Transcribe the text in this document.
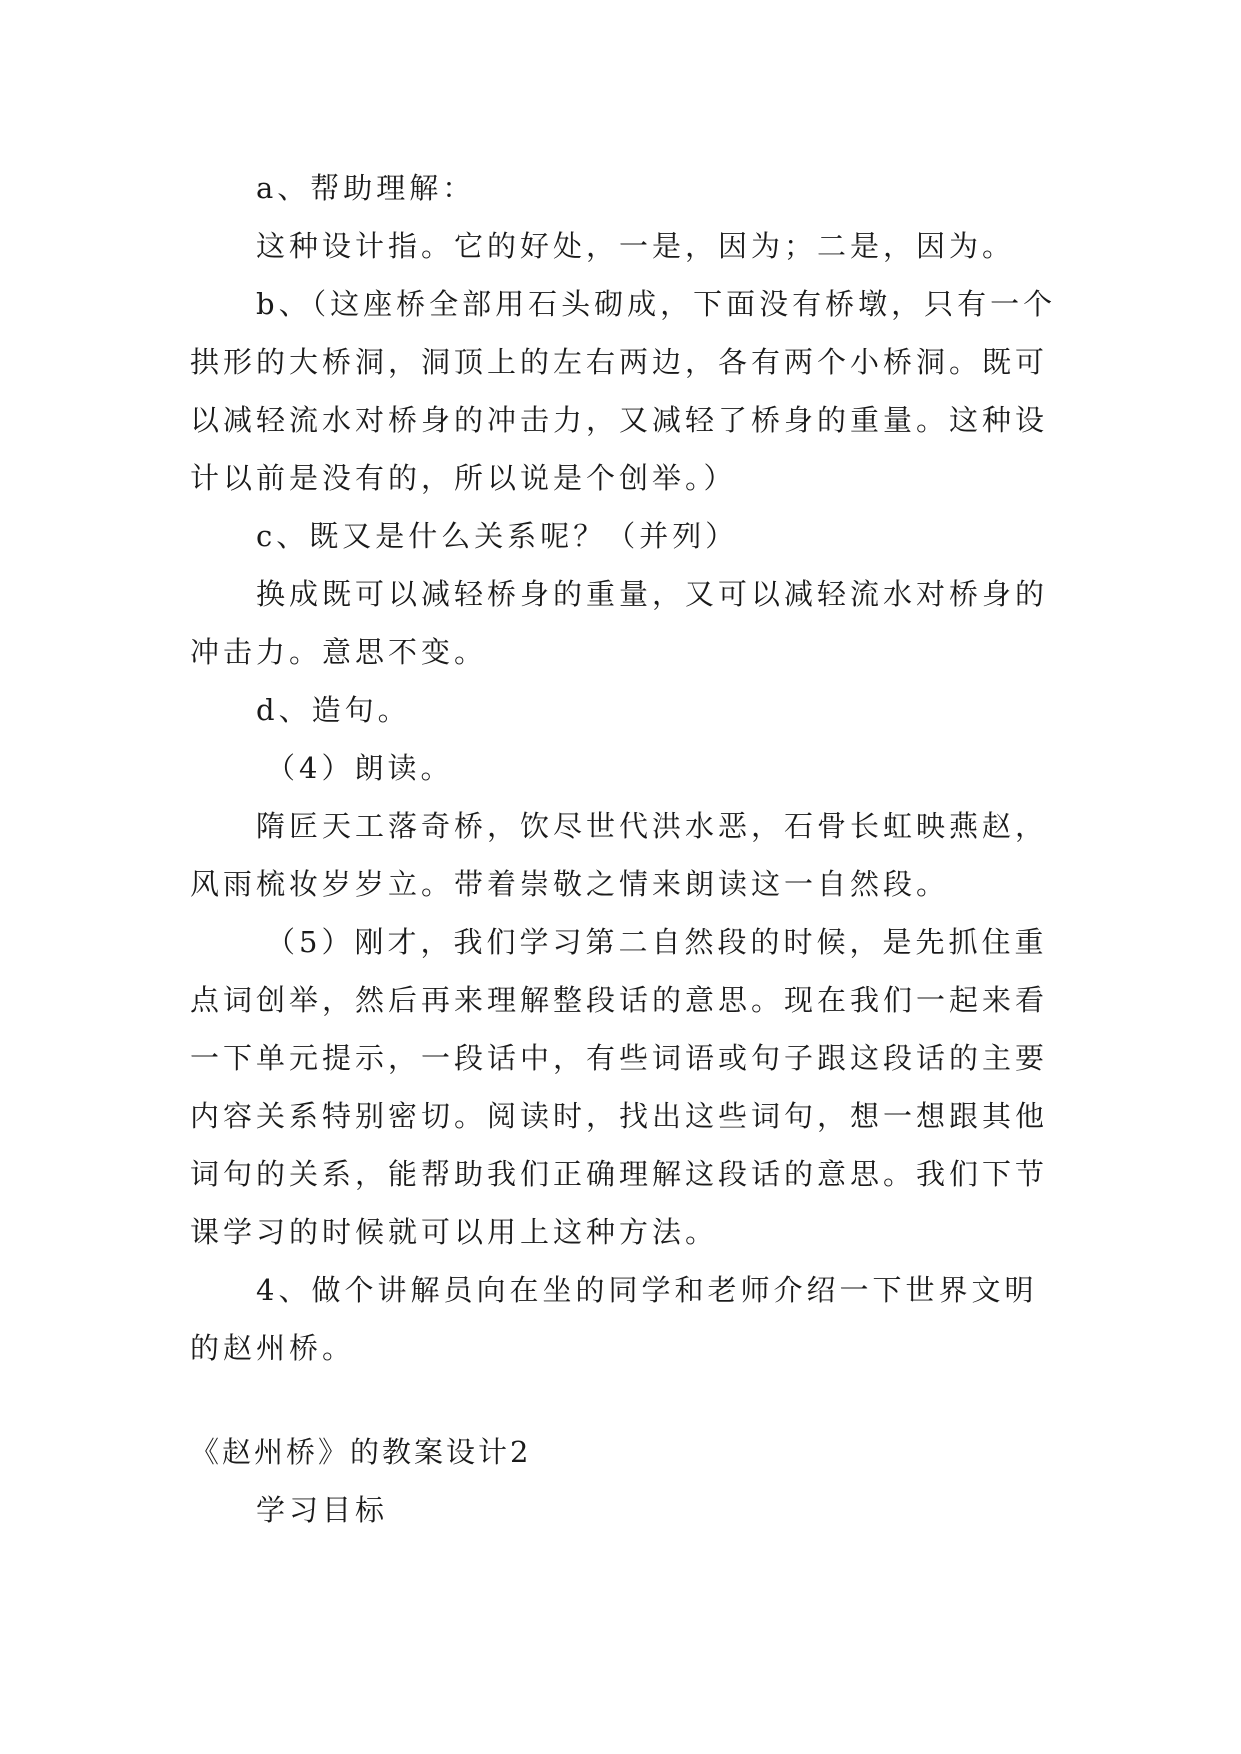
a、帮助理解：
这种设计指。它的好处，一是，因为；二是，因为。
b、（这座桥全部用石头砌成，下面没有桥墩，只有一个
拱形的大桥洞，洞顶上的左右两边，各有两个小桥洞。既可
以减轻流水对桥身的冲击力，又减轻了桥身的重量。这种设
计以前是没有的，所以说是个创举。）
c、既又是什么关系呢？（并列）
换成既可以减轻桥身的重量，又可以减轻流水对桥身的
冲击力。意思不变。
d、造句。
（4）朗读。
隋匠天工落奇桥，饮尽世代洪水恶，石骨长虹映燕赵，
风雨梳妆岁岁立。带着崇敬之情来朗读这一自然段。
（5）刚才，我们学习第二自然段的时候，是先抓住重
点词创举，然后再来理解整段话的意思。现在我们一起来看
一下单元提示，一段话中，有些词语或句子跟这段话的主要
内容关系特别密切。阅读时，找出这些词句，想一想跟其他
词句的关系，能帮助我们正确理解这段话的意思。我们下节
课学习的时候就可以用上这种方法。
4、做个讲解员向在坐的同学和老师介绍一下世界文明
的赵州桥。
《赵州桥》的教案设计2
学习目标
